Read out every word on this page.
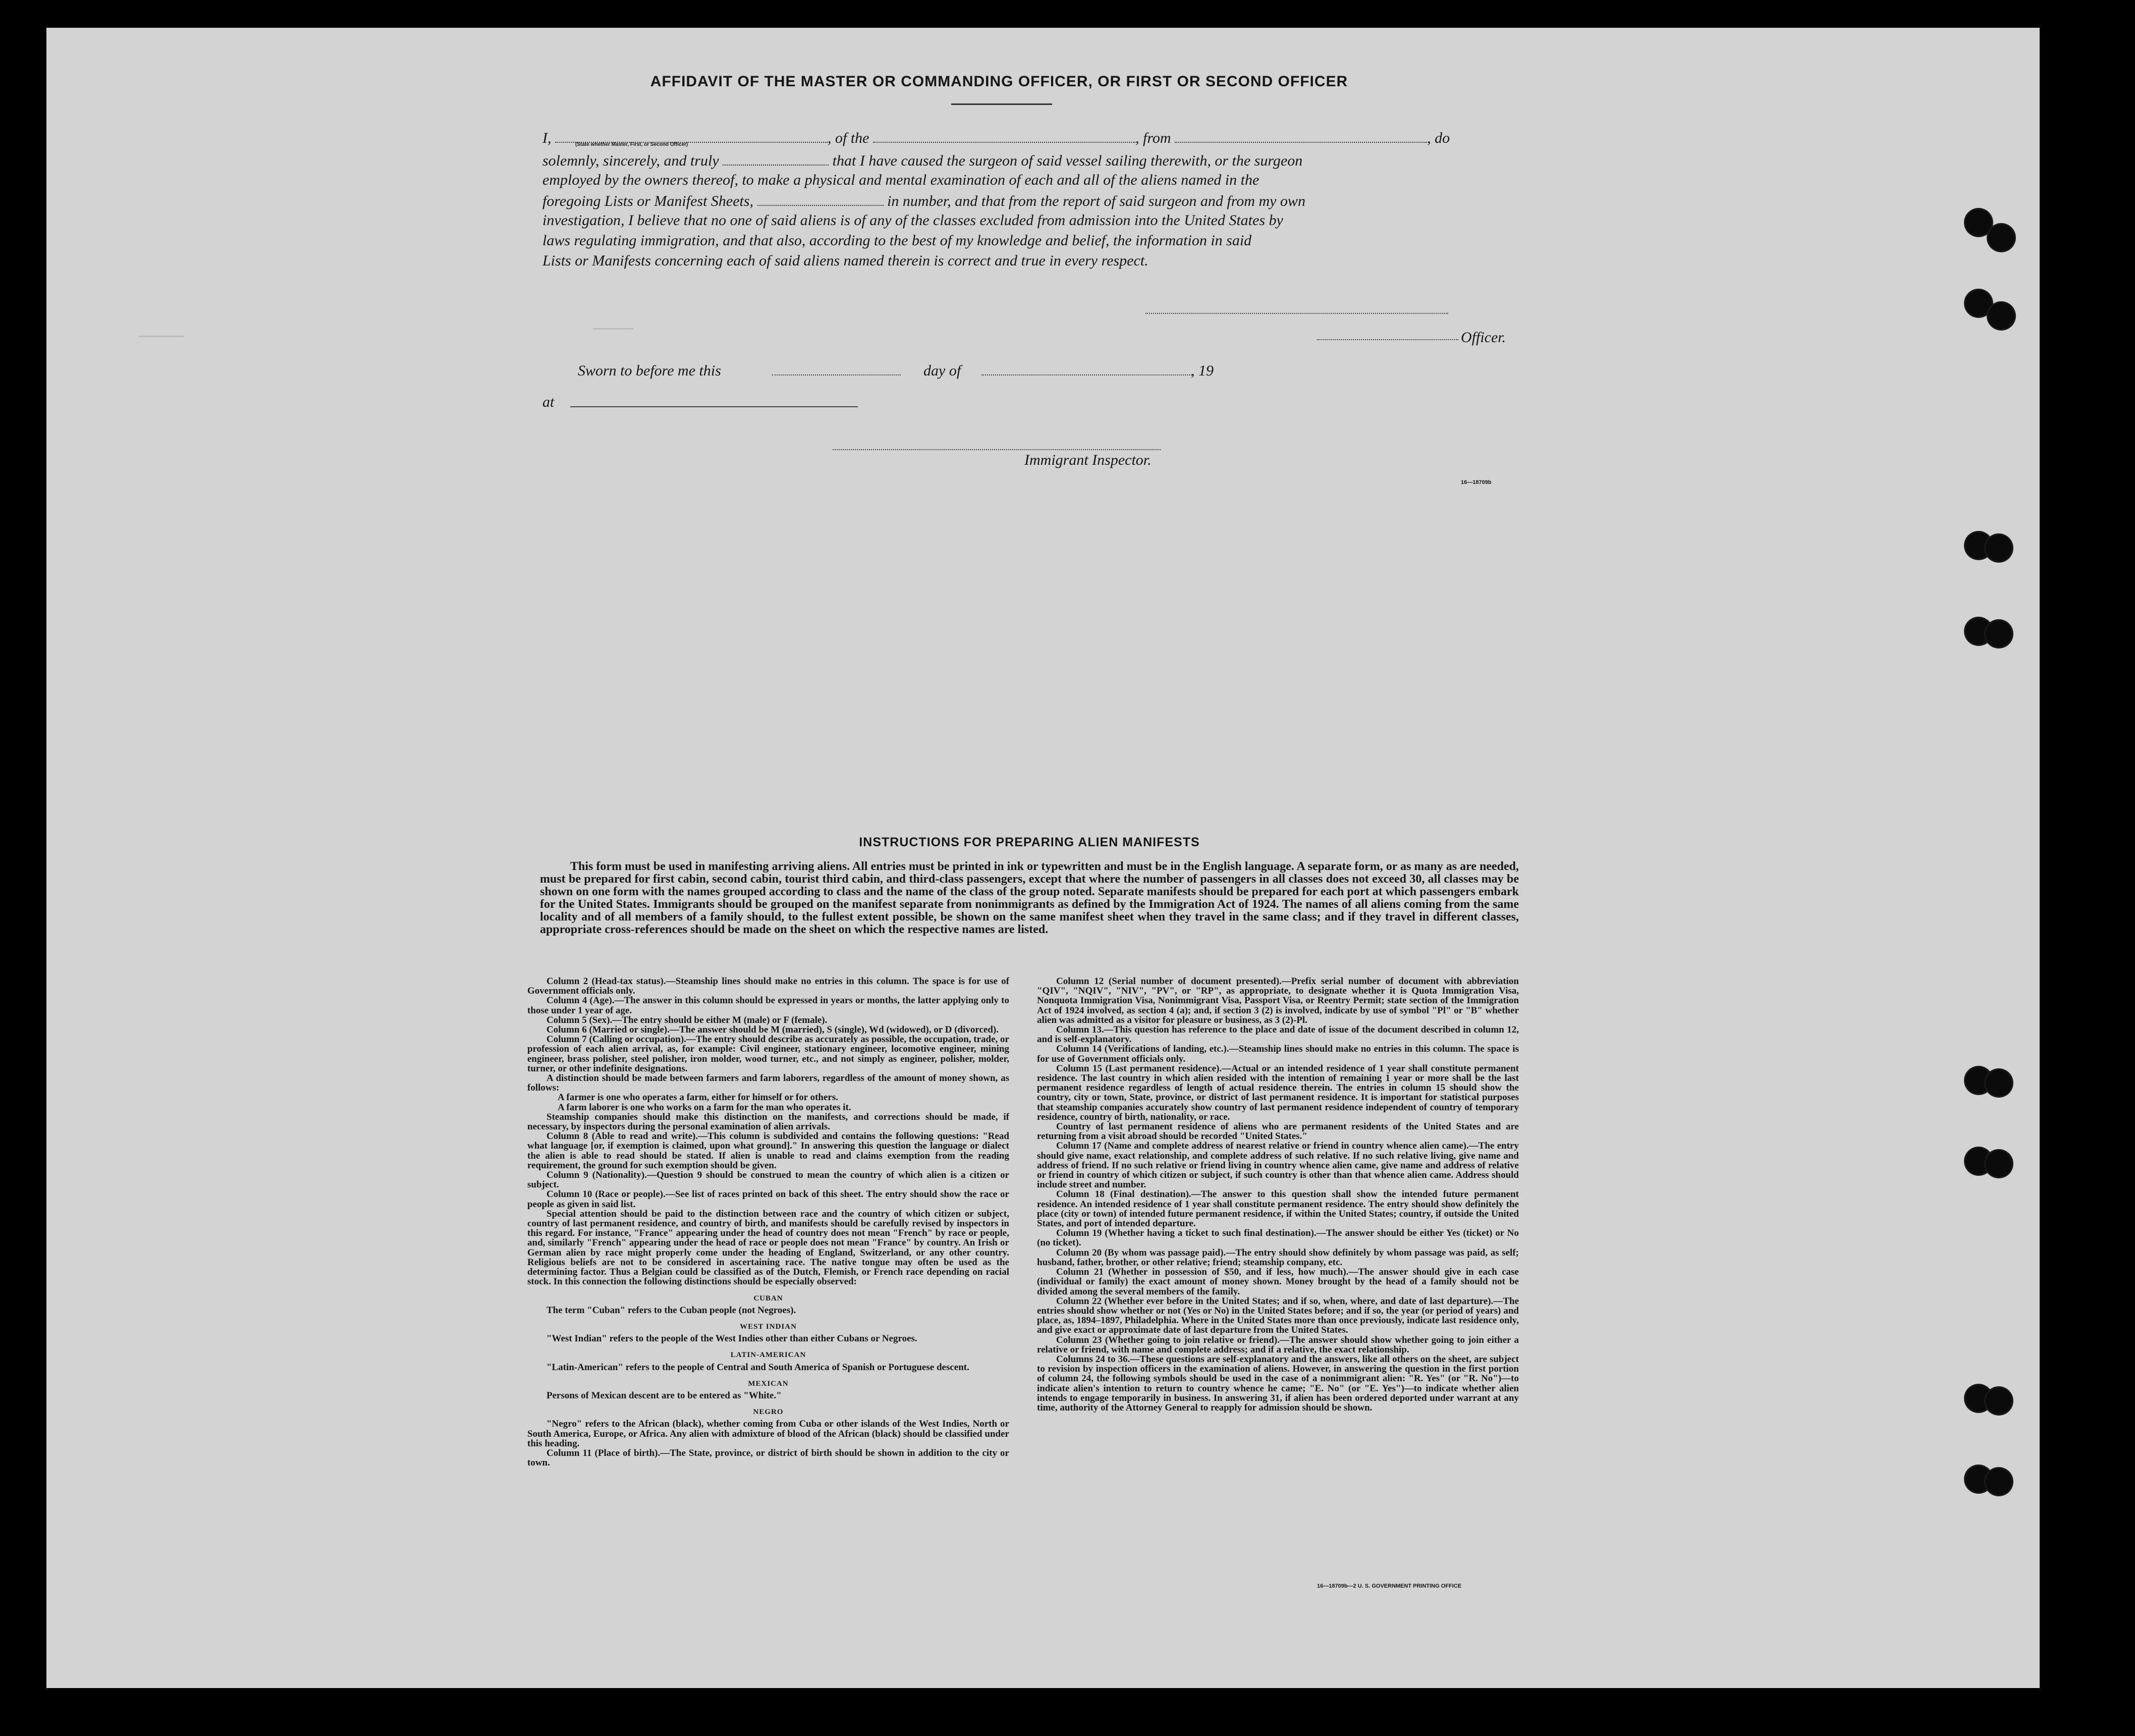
AFFIDAVIT OF THE MASTER OR COMMANDING OFFICER, OR FIRST OR SECOND OFFICER
I,	(State whether Master, First, or Second Officer)	, of the	, from	, do
solemnly, sincerely, and truly	that I have caused the surgeon of said vessel sailing therewith, or the surgeon
employed by the owners thereof, to make a physical and mental examination of each and all of the aliens named in the
foregoing Lists or Manifest Sheets,	in number, and that from the report of said surgeon and from my own
investigation, I believe that no one of said aliens is of any of the classes excluded from admission into the United States by
laws regulating immigration, and that also, according to the best of my knowledge and belief, the information in said
Lists or Manifests concerning each of said aliens named therein is correct and true in every respect.
Officer.
Sworn to before me this	day of	, 19
at
Immigrant Inspector.
16—18709b
INSTRUCTIONS FOR PREPARING ALIEN MANIFESTS

This form must be used in manifesting arriving aliens. All entries must be printed in ink or typewritten and must be in the English language. A separate form, or as many as are needed, must be prepared for first cabin, second cabin, tourist third cabin, and third-class passengers, except that where the number of passengers in all classes does not exceed 30, all classes may be shown on one form with the names grouped according to class and the name of the class of the group noted. Separate manifests should be prepared for each port at which passengers embark for the United States. Immigrants should be grouped on the manifest separate from nonimmigrants as defined by the Immigration Act of 1924. The names of all aliens coming from the same locality and of all members of a family should, to the fullest extent possible, be shown on the same manifest sheet when they travel in the same class; and if they travel in different classes, appropriate cross-references should be made on the sheet on which the respective names are listed.

Column 2 (Head-tax status).—Steamship lines should make no entries in this column. The space is for use of Government officials only.

Column 4 (Age).—The answer in this column should be expressed in years or months, the latter applying only to those under 1 year of age.

Column 5 (Sex).—The entry should be either M (male) or F (female).

Column 6 (Married or single).—The answer should be M (married), S (single), Wd (widowed), or D (divorced).

Column 7 (Calling or occupation).—The entry should describe as accurately as possible, the occupation, trade, or profession of each alien arrival, as, for example: Civil engineer, stationary engineer, locomotive engineer, mining engineer, brass polisher, steel polisher, iron molder, wood turner, etc., and not simply as engineer, polisher, molder, turner, or other indefinite designations.

A distinction should be made between farmers and farm laborers, regardless of the amount of money shown, as follows:

A farmer is one who operates a farm, either for himself or for others.

A farm laborer is one who works on a farm for the man who operates it.

Steamship companies should make this distinction on the manifests, and corrections should be made, if necessary, by inspectors during the personal examination of alien arrivals.

Column 8 (Able to read and write).—This column is subdivided and contains the following questions: "Read what language [or, if exemption is claimed, upon what ground]." In answering this question the language or dialect the alien is able to read should be stated. If alien is unable to read and claims exemption from the reading requirement, the ground for such exemption should be given.

Column 9 (Nationality).—Question 9 should be construed to mean the country of which alien is a citizen or subject.

Column 10 (Race or people).—See list of races printed on back of this sheet. The entry should show the race or people as given in said list.

Special attention should be paid to the distinction between race and the country of which citizen or subject, country of last permanent residence, and country of birth, and manifests should be carefully revised by inspectors in this regard. For instance, "France" appearing under the head of country does not mean "French" by race or people, and, similarly "French" appearing under the head of race or people does not mean "France" by country. An Irish or German alien by race might properly come under the heading of England, Switzerland, or any other country. Religious beliefs are not to be considered in ascertaining race. The native tongue may often be used as the determining factor. Thus a Belgian could be classified as of the Dutch, Flemish, or French race depending on racial stock. In this connection the following distinctions should be especially observed:

CUBAN

The term "Cuban" refers to the Cuban people (not Negroes).

WEST INDIAN

"West Indian" refers to the people of the West Indies other than either Cubans or Negroes.

LATIN-AMERICAN

"Latin-American" refers to the people of Central and South America of Spanish or Portuguese descent.

MEXICAN

Persons of Mexican descent are to be entered as "White."

NEGRO

"Negro" refers to the African (black), whether coming from Cuba or other islands of the West Indies, North or South America, Europe, or Africa. Any alien with admixture of blood of the African (black) should be classified under this heading.

Column 11 (Place of birth).—The State, province, or district of birth should be shown in addition to the city or town.

Column 12 (Serial number of document presented).—Prefix serial number of document with abbreviation "QIV", "NQIV", "NIV", "PV", or "RP", as appropriate, to designate whether it is Quota Immigration Visa, Nonquota Immigration Visa, Nonimmigrant Visa, Passport Visa, or Reentry Permit; state section of the Immigration Act of 1924 involved, as section 4 (a); and, if section 3 (2) is involved, indicate by use of symbol "Pl" or "B" whether alien was admitted as a visitor for pleasure or business, as 3 (2)-Pl.

Column 13.—This question has reference to the place and date of issue of the document described in column 12, and is self-explanatory.

Column 14 (Verifications of landing, etc.).—Steamship lines should make no entries in this column. The space is for use of Government officials only.

Column 15 (Last permanent residence).—Actual or an intended residence of 1 year shall constitute permanent residence. The last country in which alien resided with the intention of remaining 1 year or more shall be the last permanent residence regardless of length of actual residence therein. The entries in column 15 should show the country, city or town, State, province, or district of last permanent residence. It is important for statistical purposes that steamship companies accurately show country of last permanent residence independent of country of temporary residence, country of birth, nationality, or race.

Country of last permanent residence of aliens who are permanent residents of the United States and are returning from a visit abroad should be recorded "United States."

Column 17 (Name and complete address of nearest relative or friend in country whence alien came).—The entry should give name, exact relationship, and complete address of such relative. If no such relative living, give name and address of friend. If no such relative or friend living in country whence alien came, give name and address of relative or friend in country of which citizen or subject, if such country is other than that whence alien came. Address should include street and number.

Column 18 (Final destination).—The answer to this question shall show the intended future permanent residence. An intended residence of 1 year shall constitute permanent residence. The entry should show definitely the place (city or town) of intended future permanent residence, if within the United States; country, if outside the United States, and port of intended departure.

Column 19 (Whether having a ticket to such final destination).—The answer should be either Yes (ticket) or No (no ticket).

Column 20 (By whom was passage paid).—The entry should show definitely by whom passage was paid, as self; husband, father, brother, or other relative; friend; steamship company, etc.

Column 21 (Whether in possession of $50, and if less, how much).—The answer should give in each case (individual or family) the exact amount of money shown. Money brought by the head of a family should not be divided among the several members of the family.

Column 22 (Whether ever before in the United States; and if so, when, where, and date of last departure).—The entries should show whether or not (Yes or No) in the United States before; and if so, the year (or period of years) and place, as, 1894–1897, Philadelphia. Where in the United States more than once previously, indicate last residence only, and give exact or approximate date of last departure from the United States.

Column 23 (Whether going to join relative or friend).—The answer should show whether going to join either a relative or friend, with name and complete address; and if a relative, the exact relationship.

Columns 24 to 36.—These questions are self-explanatory and the answers, like all others on the sheet, are subject to revision by inspection officers in the examination of aliens. However, in answering the question in the first portion of column 24, the following symbols should be used in the case of a nonimmigrant alien: "R. Yes" (or "R. No")—to indicate alien's intention to return to country whence he came; "E. No" (or "E. Yes")—to indicate whether alien intends to engage temporarily in business. In answering 31, if alien has been ordered deported under warrant at any time, authority of the Attorney General to reapply for admission should be shown.

16—18709b—2 U. S. GOVERNMENT PRINTING OFFICE
